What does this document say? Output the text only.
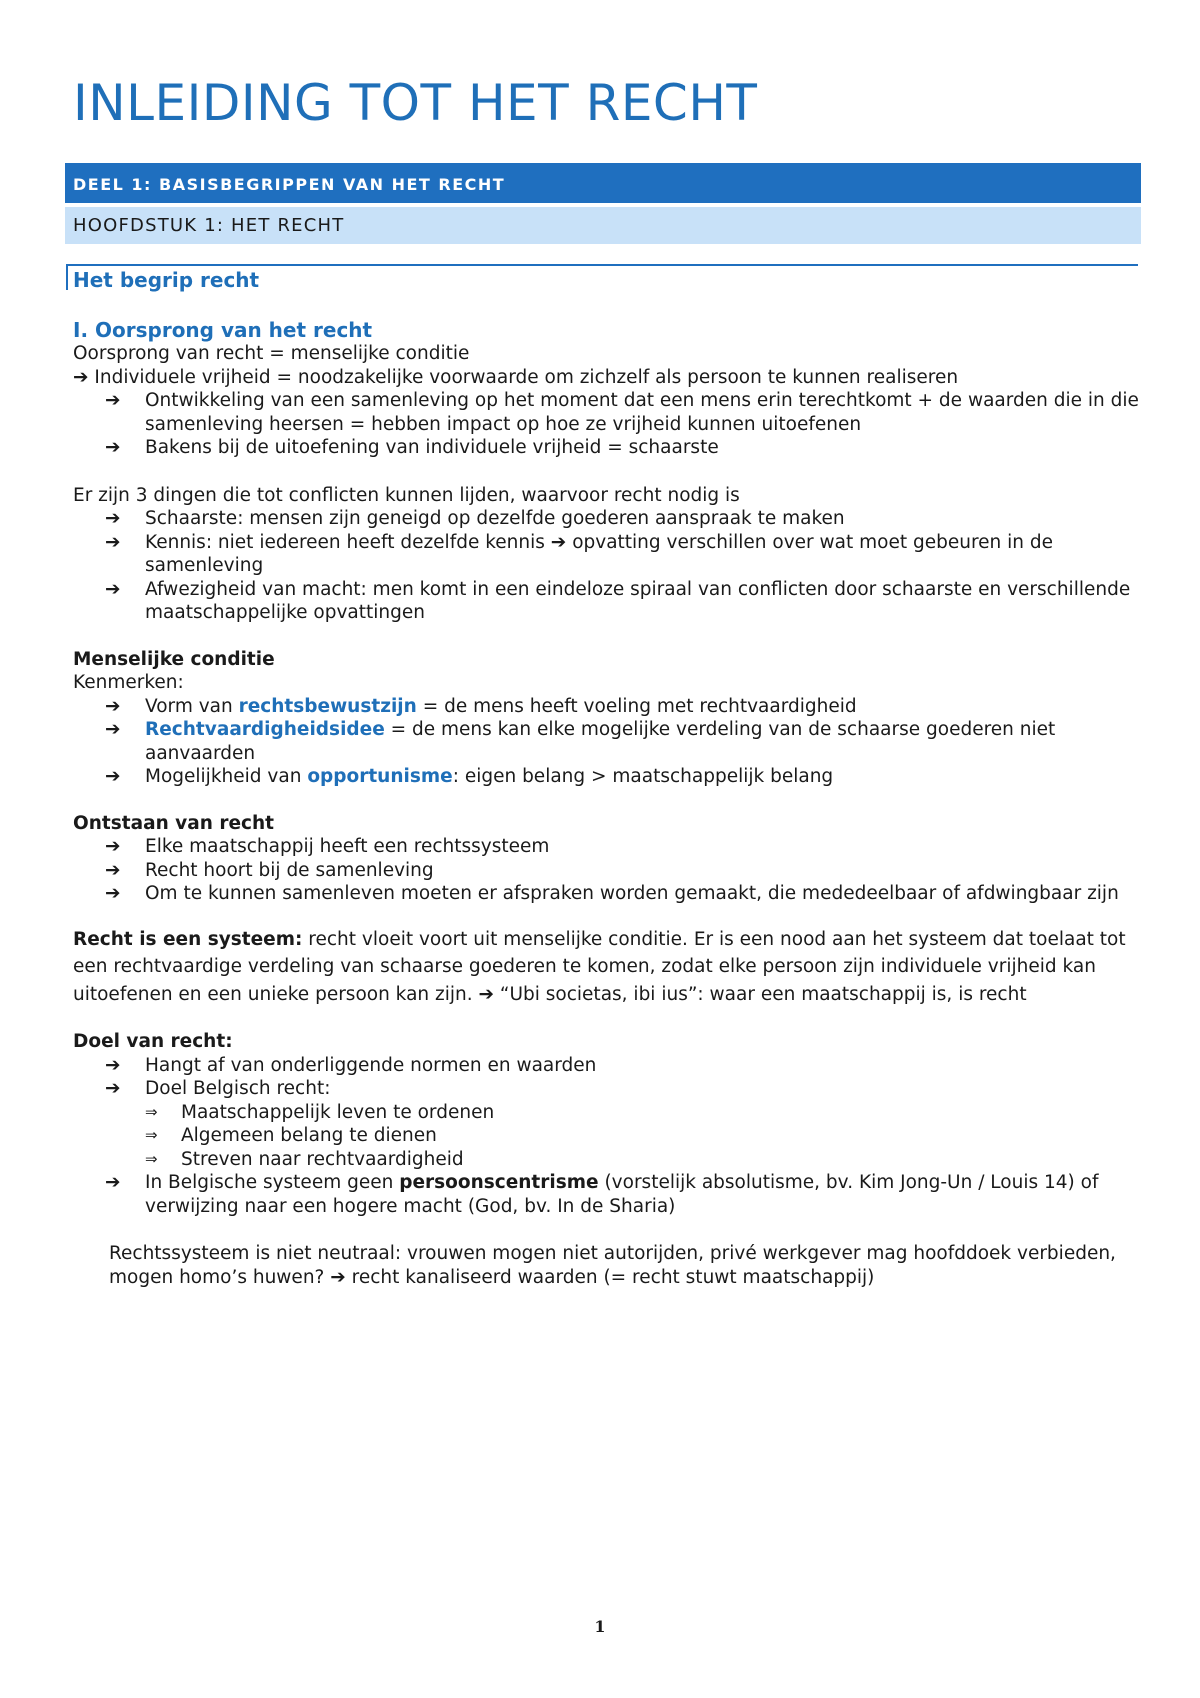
INLEIDING TOT HET RECHT
DEEL 1: BASISBEGRIPPEN VAN HET RECHT
HOOFDSTUK 1: HET RECHT

Het begrip recht

I. Oorsprong van het recht

Oorsprong van recht = menselijke conditie

➔ Individuele vrijheid = noodzakelijke voorwaarde om zichzelf als persoon te kunnen realiseren

➔ Ontwikkeling van een samenleving op het moment dat een mens erin terechtkomt + de waarden die in die samenleving heersen = hebben impact op hoe ze vrijheid kunnen uitoefenen
➔ Bakens bij de uitoefening van individuele vrijheid = schaarste

Er zijn 3 dingen die tot conflicten kunnen lijden, waarvoor recht nodig is

➔ Schaarste: mensen zijn geneigd op dezelfde goederen aanspraak te maken
➔ Kennis: niet iedereen heeft dezelfde kennis ➔ opvatting verschillen over wat moet gebeuren in de samenleving
➔ Afwezigheid van macht: men komt in een eindeloze spiraal van conflicten door schaarste en verschillende maatschappelijke opvattingen

Menselijke conditie

Kenmerken:

➔ Vorm van rechtsbewustzijn = de mens heeft voeling met rechtvaardigheid
➔ Rechtvaardigheidsidee = de mens kan elke mogelijke verdeling van de schaarse goederen niet aanvaarden
➔ Mogelijkheid van opportunisme: eigen belang > maatschappelijk belang

Ontstaan van recht

➔ Elke maatschappij heeft een rechtssysteem
➔ Recht hoort bij de samenleving
➔ Om te kunnen samenleven moeten er afspraken worden gemaakt, die mededeelbaar of afdwingbaar zijn

Recht is een systeem: recht vloeit voort uit menselijke conditie. Er is een nood aan het systeem dat toelaat tot een rechtvaardige verdeling van schaarse goederen te komen, zodat elke persoon zijn individuele vrijheid kan uitoefenen en een unieke persoon kan zijn. ➔ “Ubi societas, ibi ius”: waar een maatschappij is, is recht

Doel van recht:

➔ Hangt af van onderliggende normen en waarden
➔ Doel Belgisch recht:
⇒ Maatschappelijk leven te ordenen
⇒ Algemeen belang te dienen
⇒ Streven naar rechtvaardigheid
➔ In Belgische systeem geen persoonscentrisme (vorstelijk absolutisme, bv. Kim Jong-Un / Louis 14) of verwijzing naar een hogere macht (God, bv. In de Sharia)

Rechtssysteem is niet neutraal: vrouwen mogen niet autorijden, privé werkgever mag hoofddoek verbieden, mogen homo’s huwen? ➔ recht kanaliseerd waarden (= recht stuwt maatschappij)

1
